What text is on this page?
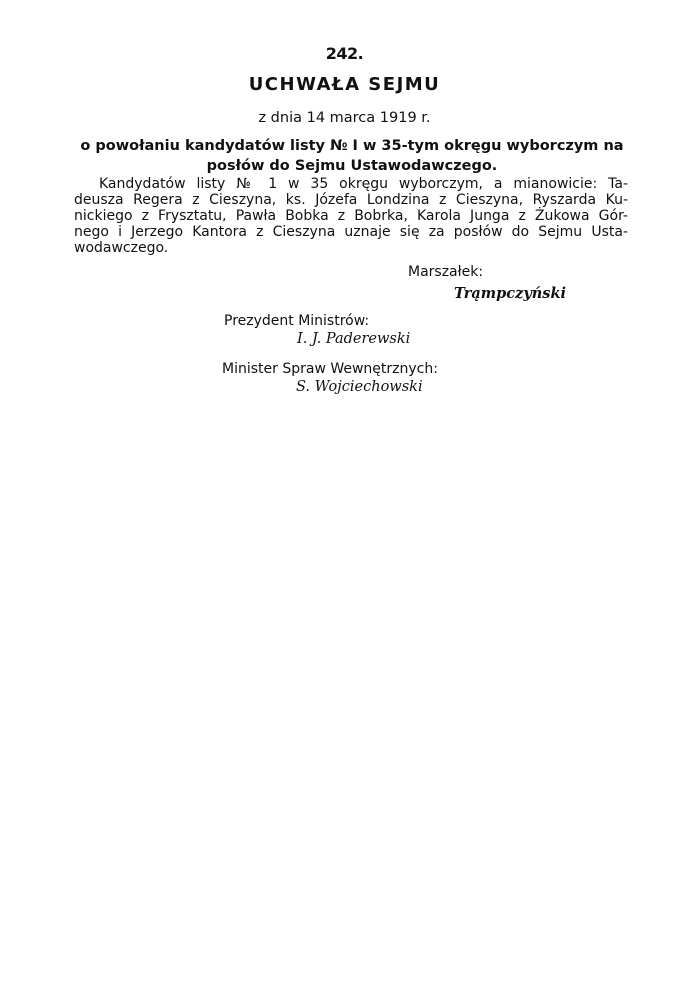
242.
UCHWAŁA SEJMU
z dnia 14 marca 1919 r.
o powołaniu kandydatów listy № I w 35-tym okręgu wyborczym na posłów do Sejmu Ustawodawczego.
Kandydatów listy № 1 w 35 okręgu wyborczym, a mianowicie: Ta-
deusza Regera z Cieszyna, ks. Józefa Londzina z Cieszyna, Ryszarda Ku-
nickiego z Frysztatu, Pawła Bobka z Bobrka, Karola Junga z Żukowa Gór-
nego i Jerzego Kantora z Cieszyna uznaje się za posłów do Sejmu Usta-
wodawczego.
Marszałek:
Trąmpczyński
Prezydent Ministrów:
I. J. Paderewski
Minister Spraw Wewnętrznych:
S. Wojciechowski
